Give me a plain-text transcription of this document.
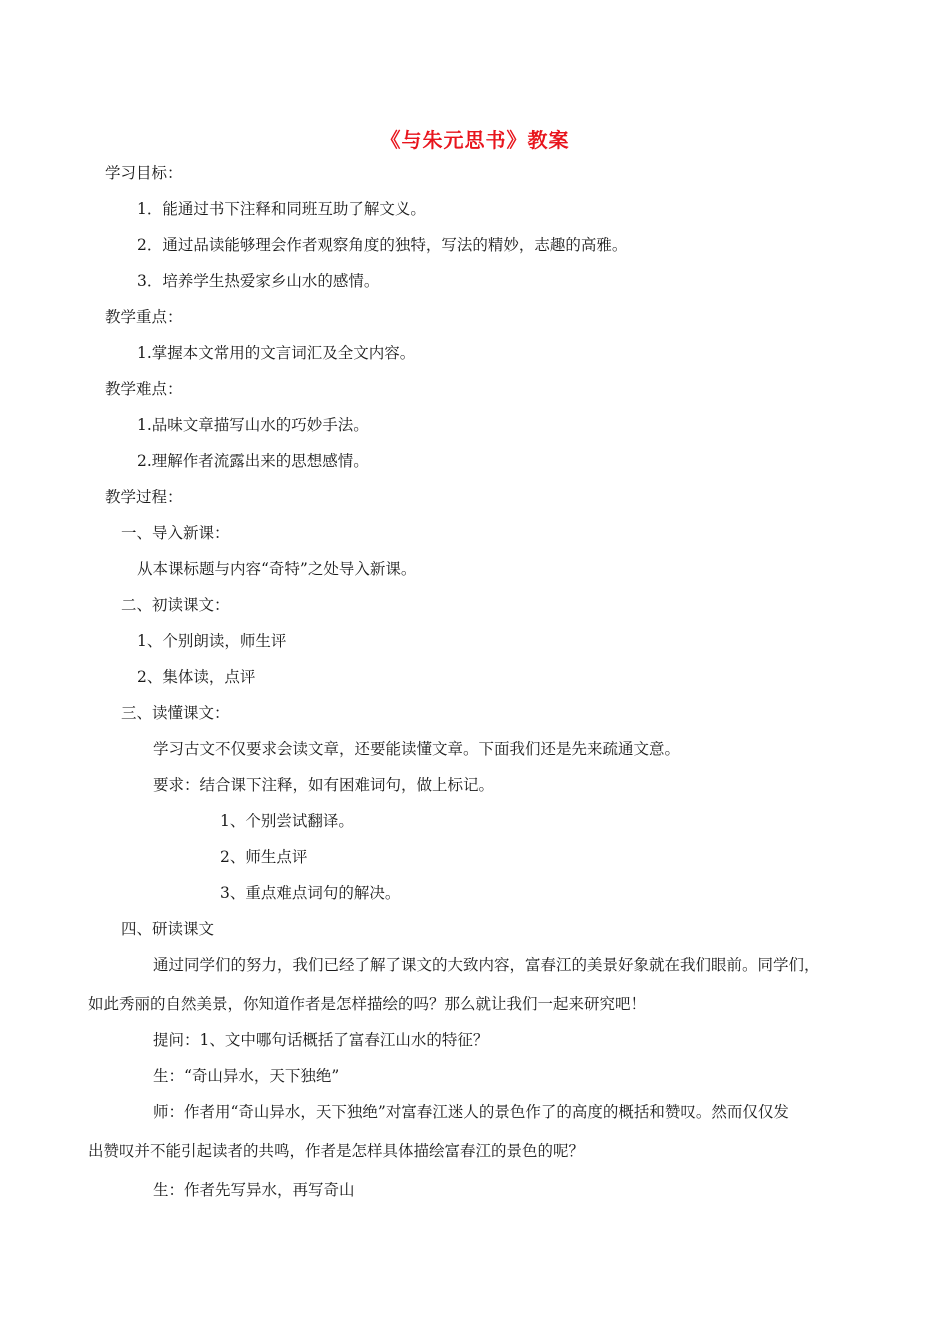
《与朱元思书》教案
学习目标：
1．能通过书下注释和同班互助了解文义。
2．通过品读能够理会作者观察角度的独特，写法的精妙，志趣的高雅。
3．培养学生热爱家乡山水的感情。
教学重点：
1.掌握本文常用的文言词汇及全文内容。
教学难点：
1.品味文章描写山水的巧妙手法。
2.理解作者流露出来的思想感情。
教学过程：
一、导入新课：
从本课标题与内容“奇特”之处导入新课。
二、初读课文：
1、个别朗读，师生评
2、集体读，点评
三、读懂课文：
学习古文不仅要求会读文章，还要能读懂文章。下面我们还是先来疏通文意。
要求：结合课下注释，如有困难词句，做上标记。
1、个别尝试翻译。
2、师生点评
3、重点难点词句的解决。
四、研读课文
通过同学们的努力，我们已经了解了课文的大致内容，富春江的美景好象就在我们眼前。同学们，
如此秀丽的自然美景，你知道作者是怎样描绘的吗？那么就让我们一起来研究吧！
提问：1、文中哪句话概括了富春江山水的特征？
生：“奇山异水，天下独绝”
师：作者用“奇山异水，天下独绝”对富春江迷人的景色作了的高度的概括和赞叹。然而仅仅发
出赞叹并不能引起读者的共鸣，作者是怎样具体描绘富春江的景色的呢？
生：作者先写异水，再写奇山
